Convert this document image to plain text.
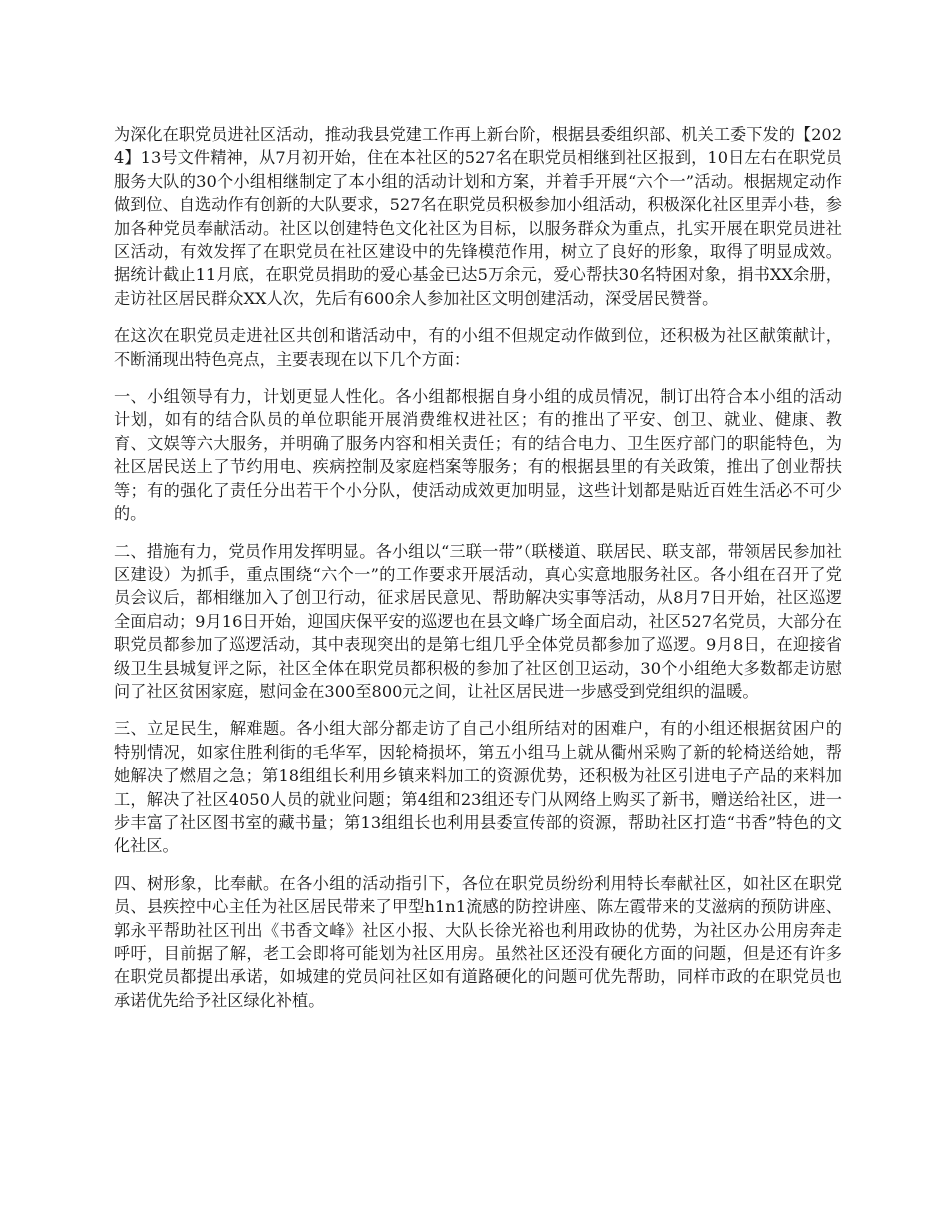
为深化在职党员进社区活动，推动我县党建工作再上新台阶，根据县委组织部、机关工委下发的【2024】13号文件精神，从7月初开始，住在本社区的527名在职党员相继到社区报到，10日左右在职党员服务大队的30个小组相继制定了本小组的活动计划和方案，并着手开展“六个一”活动。根据规定动作做到位、自选动作有创新的大队要求，527名在职党员积极参加小组活动，积极深化社区里弄小巷，参加各种党员奉献活动。社区以创建特色文化社区为目标，以服务群众为重点，扎实开展在职党员进社区活动，有效发挥了在职党员在社区建设中的先锋模范作用，树立了良好的形象，取得了明显成效。据统计截止11月底，在职党员捐助的爱心基金已达5万余元，爱心帮扶30名特困对象，捐书XX余册，走访社区居民群众XX人次，先后有600余人参加社区文明创建活动，深受居民赞誉。

在这次在职党员走进社区共创和谐活动中，有的小组不但规定动作做到位，还积极为社区献策献计，不断涌现出特色亮点，主要表现在以下几个方面：

一、小组领导有力，计划更显人性化。各小组都根据自身小组的成员情况，制订出符合本小组的活动计划，如有的结合队员的单位职能开展消费维权进社区；有的推出了平安、创卫、就业、健康、教育、文娱等六大服务，并明确了服务内容和相关责任；有的结合电力、卫生医疗部门的职能特色，为社区居民送上了节约用电、疾病控制及家庭档案等服务；有的根据县里的有关政策，推出了创业帮扶等；有的强化了责任分出若干个小分队，使活动成效更加明显，这些计划都是贴近百姓生活必不可少的。

二、措施有力，党员作用发挥明显。各小组以“三联一带”（联楼道、联居民、联支部，带领居民参加社区建设）为抓手，重点围绕“六个一”的工作要求开展活动，真心实意地服务社区。各小组在召开了党员会议后，都相继加入了创卫行动，征求居民意见、帮助解决实事等活动，从8月7日开始，社区巡逻全面启动；9月16日开始，迎国庆保平安的巡逻也在县文峰广场全面启动，社区527名党员，大部分在职党员都参加了巡逻活动，其中表现突出的是第七组几乎全体党员都参加了巡逻。9月8日，在迎接省级卫生县城复评之际，社区全体在职党员都积极的参加了社区创卫运动，30个小组绝大多数都走访慰问了社区贫困家庭，慰问金在300至800元之间，让社区居民进一步感受到党组织的温暖。

三、立足民生，解难题。各小组大部分都走访了自己小组所结对的困难户，有的小组还根据贫困户的特别情况，如家住胜利街的毛华军，因轮椅损坏，第五小组马上就从衢州采购了新的轮椅送给她，帮她解决了燃眉之急；第18组组长利用乡镇来料加工的资源优势，还积极为社区引进电子产品的来料加工，解决了社区4050人员的就业问题；第4组和23组还专门从网络上购买了新书，赠送给社区，进一步丰富了社区图书室的藏书量；第13组组长也利用县委宣传部的资源，帮助社区打造“书香”特色的文化社区。

四、树形象，比奉献。在各小组的活动指引下，各位在职党员纷纷利用特长奉献社区，如社区在职党员、县疾控中心主任为社区居民带来了甲型h1n1流感的防控讲座、陈左霞带来的艾滋病的预防讲座、郭永平帮助社区刊出《书香文峰》社区小报、大队长徐光裕也利用政协的优势，为社区办公用房奔走呼吁，目前据了解，老工会即将可能划为社区用房。虽然社区还没有硬化方面的问题，但是还有许多在职党员都提出承诺，如城建的党员问社区如有道路硬化的问题可优先帮助，同样市政的在职党员也承诺优先给予社区绿化补植。
